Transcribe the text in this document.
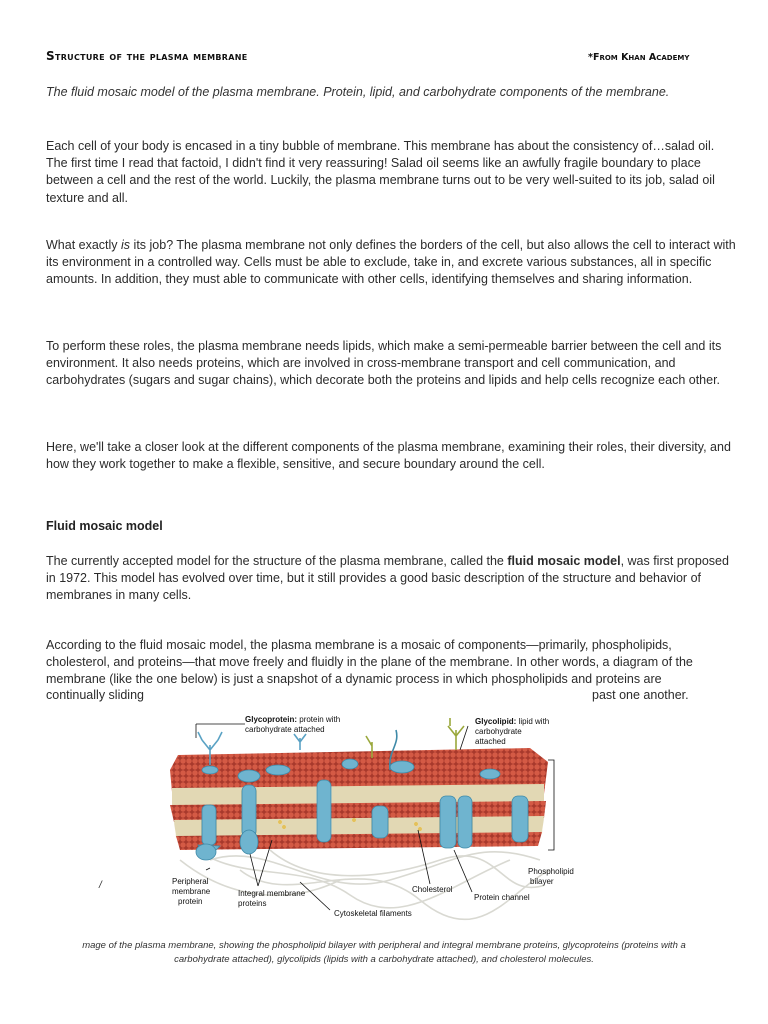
Structure of the plasma membrane	*From Khan Academy
The fluid mosaic model of the plasma membrane. Protein, lipid, and carbohydrate components of the membrane.

Each cell of your body is encased in a tiny bubble of membrane. This membrane has about the consistency of…salad oil. The first time I read that factoid, I didn't find it very reassuring! Salad oil seems like an awfully fragile boundary to place between a cell and the rest of the world. Luckily, the plasma membrane turns out to be very well-suited to its job, salad oil texture and all.

What exactly is its job? The plasma membrane not only defines the borders of the cell, but also allows the cell to interact with its environment in a controlled way. Cells must be able to exclude, take in, and excrete various substances, all in specific amounts. In addition, they must able to communicate with other cells, identifying themselves and sharing information.

To perform these roles, the plasma membrane needs lipids, which make a semi-permeable barrier between the cell and its environment. It also needs proteins, which are involved in cross-membrane transport and cell communication, and carbohydrates (sugars and sugar chains), which decorate both the proteins and lipids and help cells recognize each other.

Here, we'll take a closer look at the different components of the plasma membrane, examining their roles, their diversity, and how they work together to make a flexible, sensitive, and secure boundary around the cell.

Fluid mosaic model

The currently accepted model for the structure of the plasma membrane, called the fluid mosaic model, was first proposed in 1972. This model has evolved over time, but it still provides a good basic description of the structure and behavior of membranes in many cells.

According to the fluid mosaic model, the plasma membrane is a mosaic of components—primarily, phospholipids, cholesterol, and proteins—that move freely and fluidly in the plane of the membrane. In other words, a diagram of the membrane (like the one below) is just a snapshot of a dynamic process in which phospholipids and proteins are

continually sliding	past one another.
/
Glycoprotein: protein with
carbohydrate attached
Glycolipid: lipid with
carbohydrate
attached
Peripheral
membrane
protein
Integral membrane
proteins
Cholesterol
Protein channel
Phospholipid
bilayer
Cytoskeletal filaments
mage of the plasma membrane, showing the phospholipid bilayer with peripheral and integral membrane proteins, glycoproteins (proteins with a carbohydrate attached), glycolipids (lipids with a carbohydrate attached), and cholesterol molecules.
